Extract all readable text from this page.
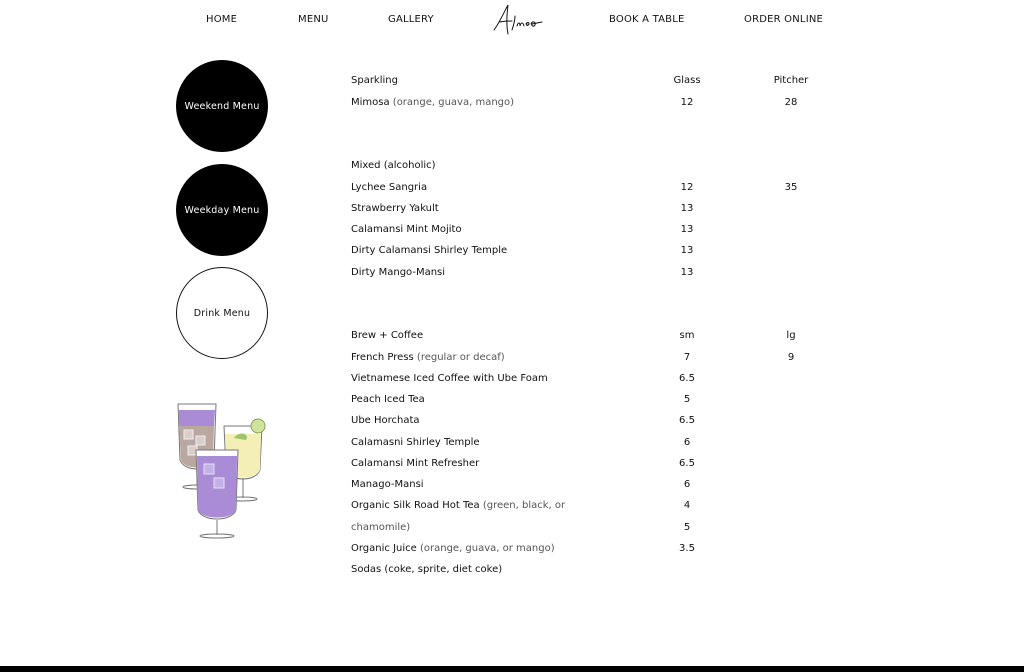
HOME	MENU	GALLERY	BOOK A TABLE	ORDER ONLINE
Weekend Menu
Weekday Menu
Drink Menu
Sparkling	Glass	Pitcher
Mimosa (orange, guava, mango)	12	28
Mixed (alcoholic)
Lychee Sangria	12	35
Strawberry Yakult	13
Calamansi Mint Mojito	13
Dirty Calamansi Shirley Temple	13
Dirty Mango-Mansi	13
Brew + Coffee	sm	lg
French Press (regular or decaf)	7	9
Vietnamese Iced Coffee with Ube Foam	6.5
Peach Iced Tea	5
Ube Horchata	6.5
Calamasni Shirley Temple	6
Calamansi Mint Refresher	6.5
Manago-Mansi	6
Organic Silk Road Hot Tea (green, black, or	4
chamomile)	5
Organic Juice (orange, guava, or mango)	3.5
Sodas (coke, sprite, diet coke)
